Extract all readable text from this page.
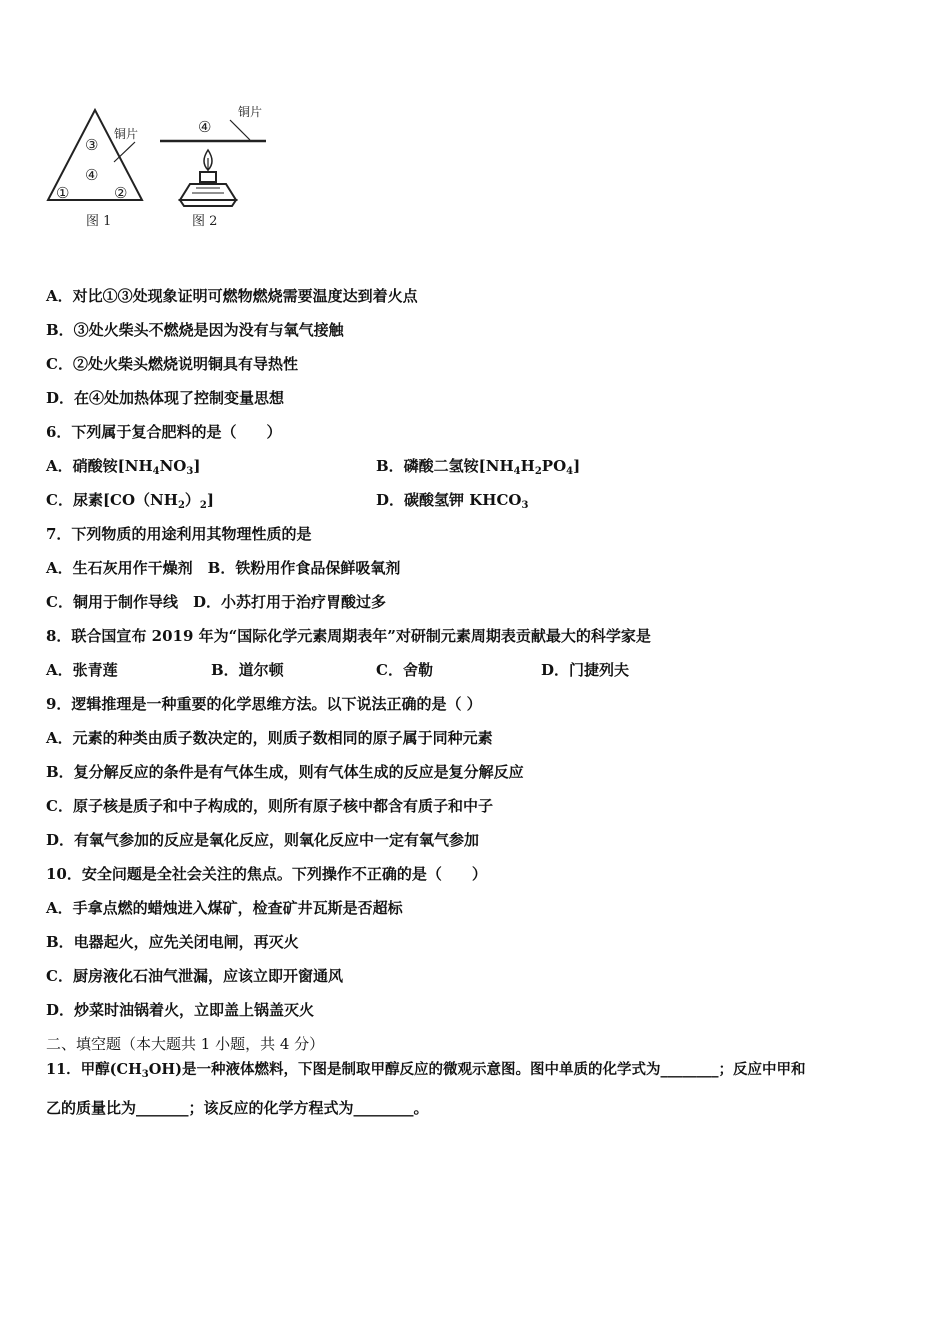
③
④
①	②
铜片
图 1
④
铜片
图 2
A．对比①③处现象证明可燃物燃烧需要温度达到着火点
B．③处火柴头不燃烧是因为没有与氧气接触
C．②处火柴头燃烧说明铜具有导热性
D．在④处加热体现了控制变量思想
6．下列属于复合肥料的是（　　）
A．硝酸铵$[NH_4NO_3]$	B．磷酸二氢铵$[NH_4H_2PO_4]$
C．尿素$[CO(NH_2)_2]$	D．碳酸氢钾 $KHCO_3$
7．下列物质的用途利用其物理性质的是
A．生石灰用作干燥剂　B．铁粉用作食品保鲜吸氧剂
C．铜用于制作导线　D．小苏打用于治疗胃酸过多
8．联合国宣布 2019 年为“国际化学元素周期表年”对研制元素周期表贡献最大的科学家是
A．张青莲	B．道尔顿	C．舍勒	D．门捷列夫
9．逻辑推理是一种重要的化学思维方法。以下说法正确的是（ ）
A．元素的种类由质子数决定的，则质子数相同的原子属于同种元素
B．复分解反应的条件是有气体生成，则有气体生成的反应是复分解反应
C．原子核是质子和中子构成的，则所有原子核中都含有质子和中子
D．有氧气参加的反应是氧化反应，则氧化反应中一定有氧气参加
10．安全问题是全社会关注的焦点。下列操作不正确的是（　　）
A．手拿点燃的蜡烛进入煤矿，检查矿井瓦斯是否超标
B．电器起火，应先关闭电闸，再灭火
C．厨房液化石油气泄漏，应该立即开窗通风
D．炒菜时油锅着火，立即盖上锅盖灭火
二、填空题（本大题共 1 小题，共 4 分）
11．甲醇$(CH_3OH)$是一种液体燃料，下图是制取甲醇反应的微观示意图。图中单质的化学式为________；反应中甲和
乙的质量比为_______；该反应的化学方程式为________。
